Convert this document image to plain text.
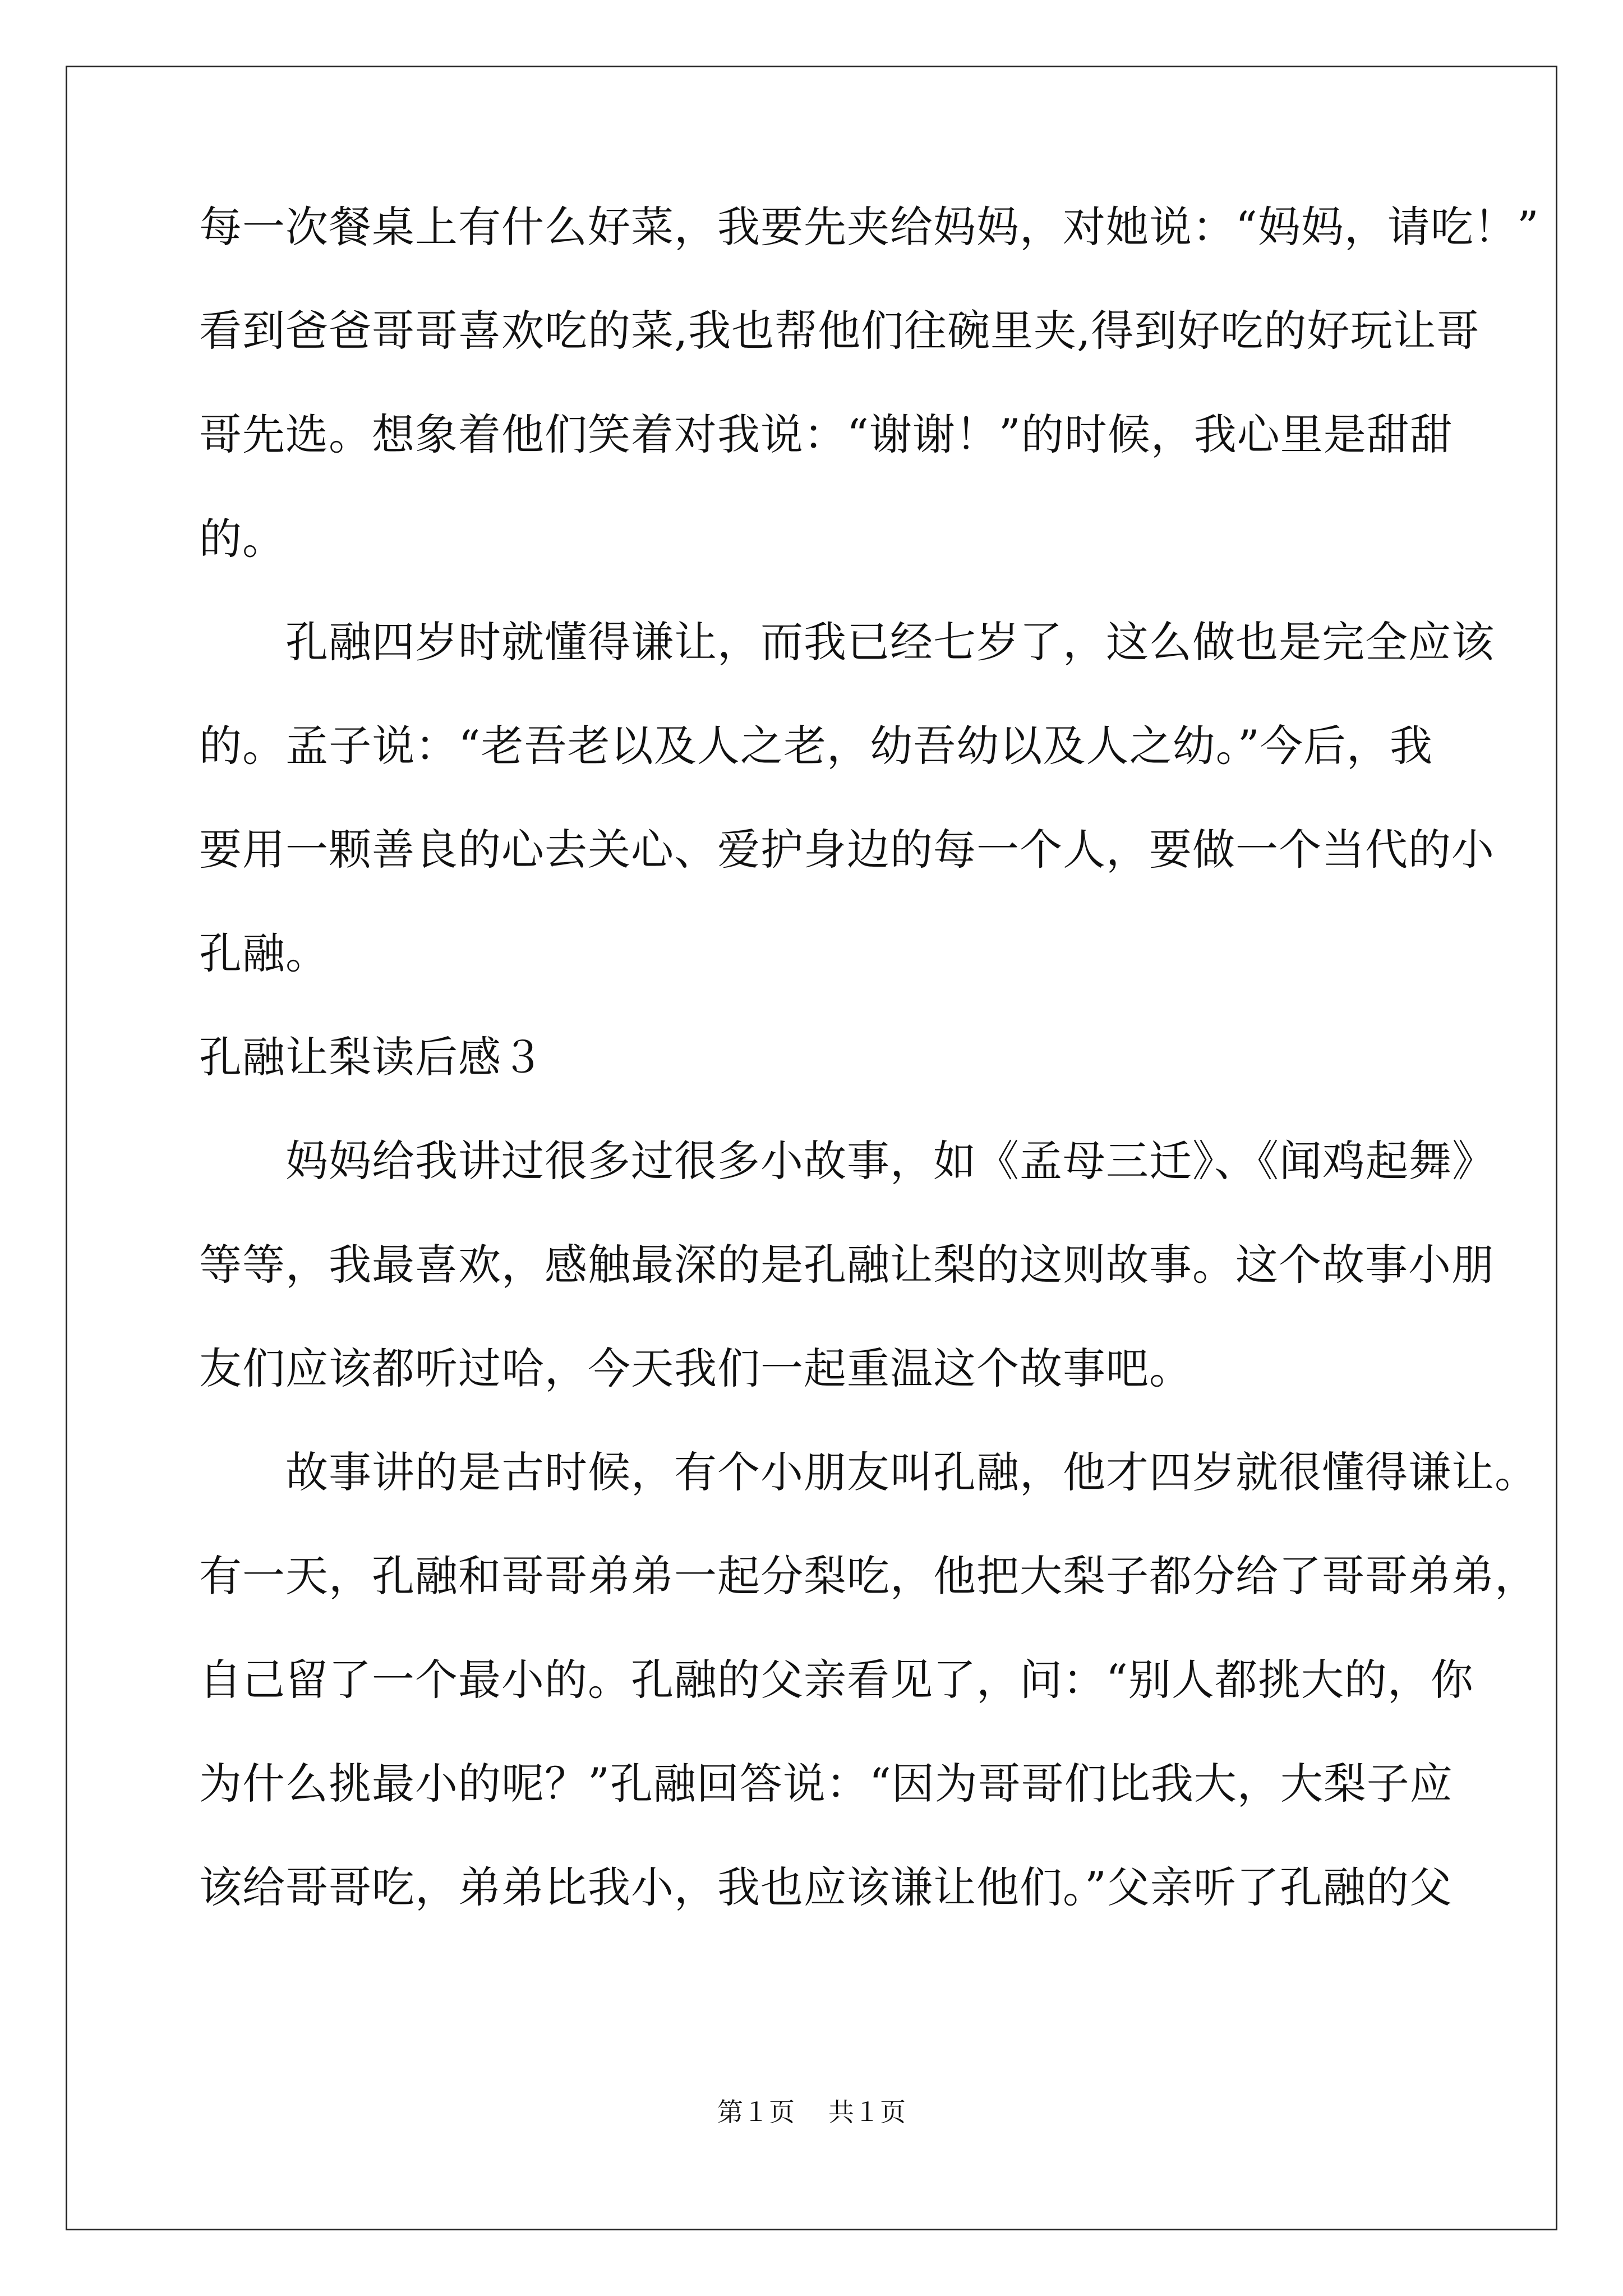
每一次餐桌上有什么好菜，我要先夹给妈妈，对她说：“妈妈，请吃！”
看到爸爸哥哥喜欢吃的菜,我也帮他们往碗里夹,得到好吃的好玩让哥
哥先选。想象着他们笑着对我说：“谢谢！”的时候，我心里是甜甜
的。
　　孔融四岁时就懂得谦让，而我已经七岁了，这么做也是完全应该
的。孟子说：“老吾老以及人之老，幼吾幼以及人之幼。”今后，我
要用一颗善良的心去关心、爱护身边的每一个人，要做一个当代的小
孔融。
孔融让梨读后感３
　　妈妈给我讲过很多过很多小故事，如《孟母三迁》、《闻鸡起舞》
等等，我最喜欢，感触最深的是孔融让梨的这则故事。这个故事小朋
友们应该都听过哈，今天我们一起重温这个故事吧。
　　故事讲的是古时候，有个小朋友叫孔融，他才四岁就很懂得谦让。
有一天，孔融和哥哥弟弟一起分梨吃，他把大梨子都分给了哥哥弟弟，
自己留了一个最小的。孔融的父亲看见了，问：“别人都挑大的，你
为什么挑最小的呢？”孔融回答说：“因为哥哥们比我大，大梨子应
该给哥哥吃，弟弟比我小，我也应该谦让他们。”父亲听了孔融的父
第１页 共１页
